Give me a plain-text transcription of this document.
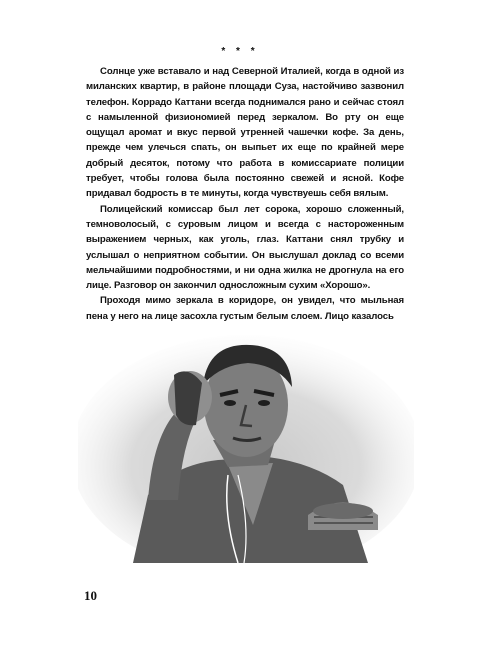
* * *

Солнце уже вставало и над Северной Италией, когда в одной из миланских квартир, в районе площади Суза, настойчиво зазвонил телефон. Коррадо Каттани всегда поднимался рано и сейчас стоял с намыленной физиономией перед зеркалом. Во рту он еще ощущал аромат и вкус первой утренней чашечки кофе. За день, прежде чем улечься спать, он выпьет их еще по крайней мере добрый десяток, потому что работа в комиссариате полиции требует, чтобы голова была постоянно свежей и ясной. Кофе придавал бодрость в те минуты, когда чувствуешь себя вялым.

Полицейский комиссар был лет сорока, хорошо сложенный, темноволосый, с суровым лицом и всегда с настороженным выражением черных, как уголь, глаз. Каттани снял трубку и услышал о неприятном событии. Он выслушал доклад со всеми мельчайшими подробностями, и ни одна жилка не дрогнула на его лице. Разговор он закончил односложным сухим «Хорошо».

Проходя мимо зеркала в коридоре, он увидел, что мыльная пена у него на лице засохла густым белым слоем. Лицо казалось

10
